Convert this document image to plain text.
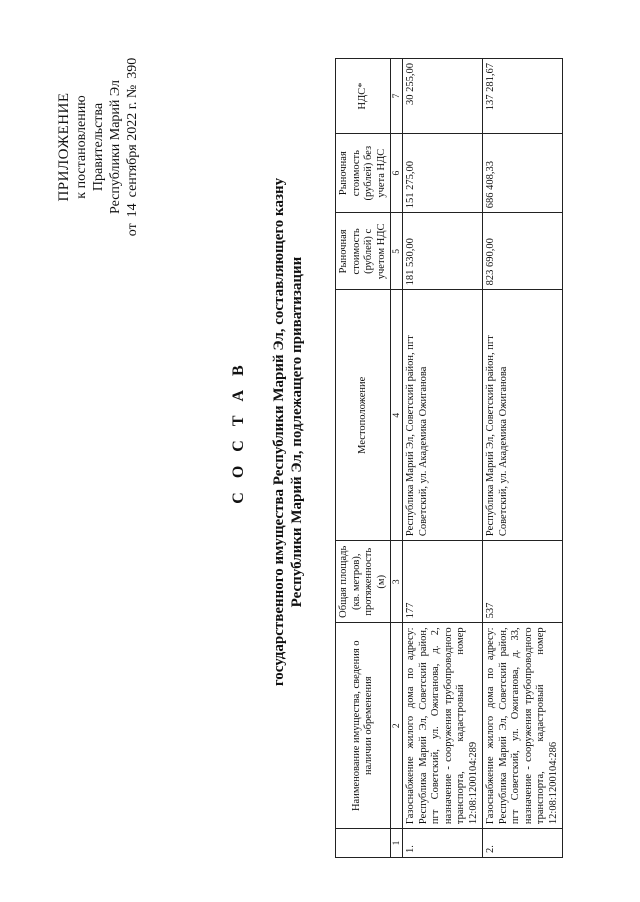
ПРИЛОЖЕНИЕ к постановлению Правительства Республики Марий Эл
от
14
сентября 2022 г. №
390
С О С Т А В государственного имущества Республики Марий Эл, составляющего казну Республики Марий Эл, подлежащего приватизации
	Наименование имущества, сведения о наличии обременения	Общая площадь (кв. метров), протяженность (м)	Местоположение	Рыночная стоимость (рублей) с учетом НДС	Рыночная стоимость (рублей) без учета НДС	НДС*
1	2	3	4	5	6	7
1.	Газоснабжение жилого дома по адресу: Республика Марий Эл, Советский район, пгт Советский, ул. Ожиганова, д. 2, назначение - сооружения трубопроводного транспорта, кадастровый номер 12:08:1200104:289	177	Республика Марий Эл, Советский район, пгт Советский, ул. Академика Ожиганова	181 530,00	151 275,00	30 255,00
2.	Газоснабжение жилого дома по адресу: Республика Марий Эл, Советский район, пгт Советский, ул. Ожиганова, д. 33, назначение - сооружения трубопроводного транспорта, кадастровый номер 12:08:1200104:286	537	Республика Марий Эл, Советский район, пгт Советский, ул. Академика Ожиганова	823 690,00	686 408,33	137 281,67
